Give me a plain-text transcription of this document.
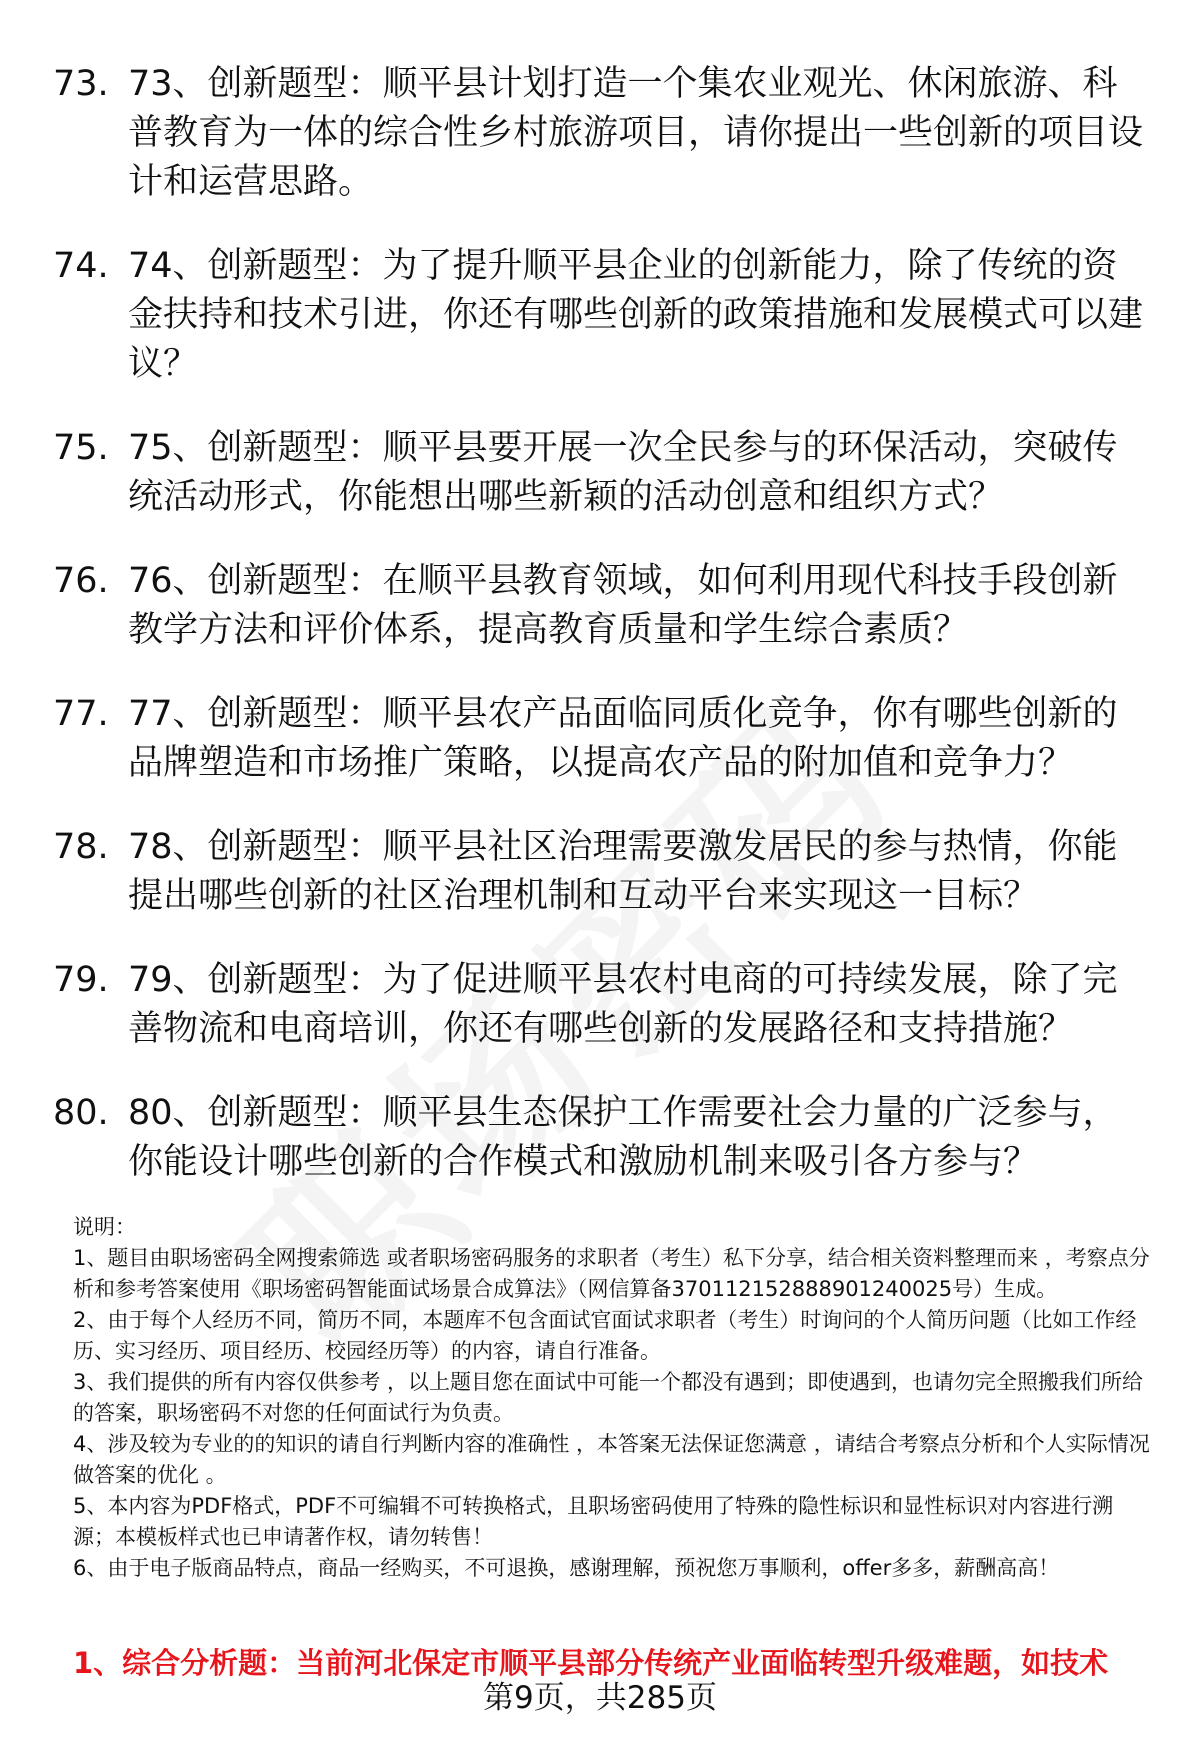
73. 73、创新题型：顺平县计划打造一个集农业观光、休闲旅游、科普教育为一体的综合性乡村旅游项目，请你提出一些创新的项目设计和运营思路。
74. 74、创新题型：为了提升顺平县企业的创新能力，除了传统的资金扶持和技术引进，你还有哪些创新的政策措施和发展模式可以建议？
75. 75、创新题型：顺平县要开展一次全民参与的环保活动，突破传统活动形式，你能想出哪些新颖的活动创意和组织方式？
76. 76、创新题型：在顺平县教育领域，如何利用现代科技手段创新教学方法和评价体系，提高教育质量和学生综合素质？
77. 77、创新题型：顺平县农产品面临同质化竞争，你有哪些创新的品牌塑造和市场推广策略，以提高农产品的附加值和竞争力？
78. 78、创新题型：顺平县社区治理需要激发居民的参与热情，你能提出哪些创新的社区治理机制和互动平台来实现这一目标？
79. 79、创新题型：为了促进顺平县农村电商的可持续发展，除了完善物流和电商培训，你还有哪些创新的发展路径和支持措施？
80. 80、创新题型：顺平县生态保护工作需要社会力量的广泛参与，你能设计哪些创新的合作模式和激励机制来吸引各方参与？

说明：

1、题目由职场密码全网搜索筛选 或者职场密码服务的求职者（考生）私下分享，结合相关资料整理而来 ，考察点分析和参考答案使用《职场密码智能面试场景合成算法》（网信算备370112152888901240025号）生成。

2、由于每个人经历不同，简历不同，本题库不包含面试官面试求职者（考生）时询问的个人简历问题（比如工作经历、实习经历、项目经历、校园经历等）的内容，请自行准备。

3、我们提供的所有内容仅供参考 ，以上题目您在面试中可能一个都没有遇到；即使遇到，也请勿完全照搬我们所给的答案，职场密码不对您的任何面试行为负责。

4、涉及较为专业的的知识的请自行判断内容的准确性 ，本答案无法保证您满意 ，请结合考察点分析和个人实际情况做答案的优化 。

5、本内容为PDF格式，PDF不可编辑不可转换格式，且职场密码使用了特殊的隐性标识和显性标识对内容进行溯源；本模板样式也已申请著作权，请勿转售！

6、由于电子版商品特点，商品一经购买，不可退换，感谢理解，预祝您万事顺利，offer多多，薪酬高高！

1、综合分析题：当前河北保定市顺平县部分传统产业面临转型升级难题，如技术
第9页，共285页
